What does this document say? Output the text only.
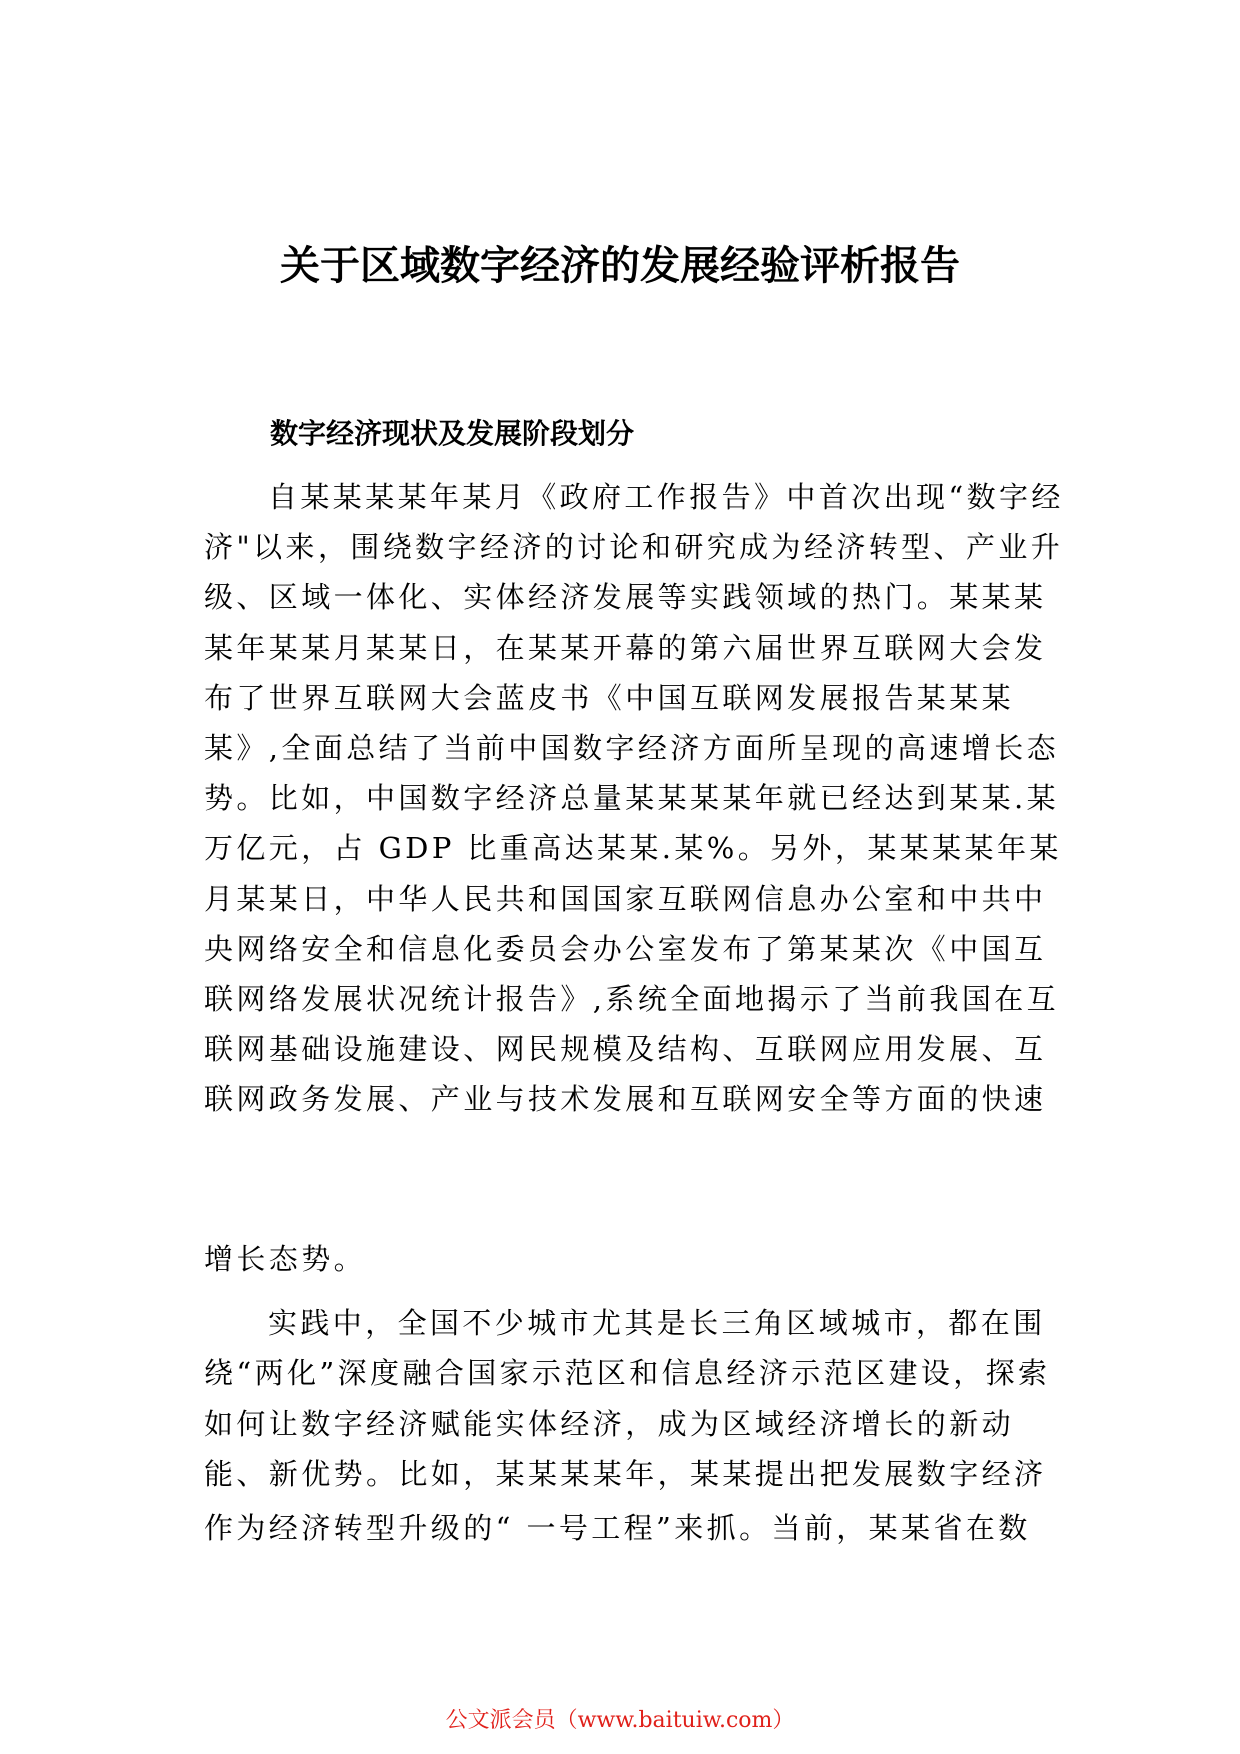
关于区域数字经济的发展经验评析报告
数字经济现状及发展阶段划分

自某某某某年某月《政府工作报告》中首次出现“数字经济"以来，围绕数字经济的讨论和研究成为经济转型、产业升级、区域一体化、实体经济发展等实践领域的热门。某某某某年某某月某某日，在某某开幕的第六届世界互联网大会发布了世界互联网大会蓝皮书《中国互联网发展报告某某某某》,全面总结了当前中国数字经济方面所呈现的高速增长态势。比如，中国数字经济总量某某某某年就已经达到某某.某万亿元，占 GDP 比重高达某某.某%。另外，某某某某年某 月某某日，中华人民共和国国家互联网信息办公室和中共中 央网络安全和信息化委员会办公室发布了第某某次《中国互 联网络发展状况统计报告》,系统全面地揭示了当前我国在互 联网基础设施建设、网民规模及结构、互联网应用发展、互 联网政务发展、产业与技术发展和互联网安全等方面的快速

增长态势。

实践中，全国不少城市尤其是长三角区域城市，都在围绕“两化”深度融合国家示范区和信息经济示范区建设，探索如何让数字经济赋能实体经济，成为区域经济增长的新动能、新优势。比如，某某某某年，某某提出把发展数字经济

作为经济转型升级的“ 一号工程”来抓。当前，某某省在数

公文派会员（www.baituiw.com）
